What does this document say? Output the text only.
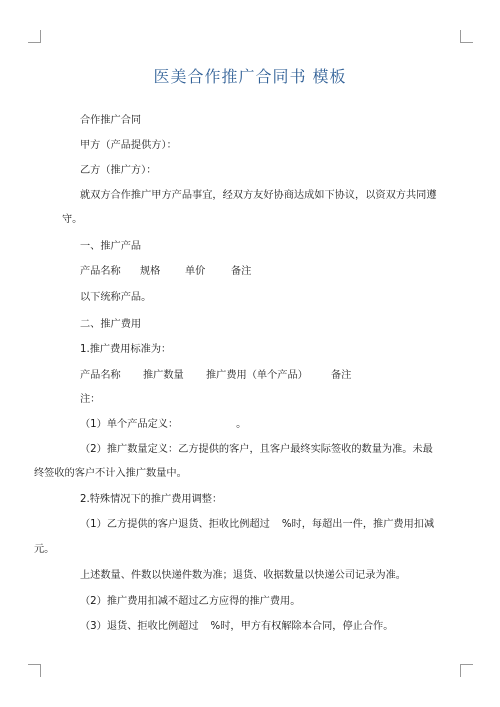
医美合作推广合同书 模板
合作推广合同
甲方（产品提供方）：
乙方（推广方）：
就双方合作推广甲方产品事宜，经双方友好协商达成如下协议，以资双方共同遵
守。
一、推广产品
产品名称 规格 单价	备注
以下统称产品。
二、推广费用
1.推广费用标准为：
产品名称 推广数量 推广费用（单个产品） 备注
注：
（1）单个产品定义：	。
（2）推广数量定义：乙方提供的客户，且客户最终实际签收的数量为准。未最
终签收的客户不计入推广数量中。
2.特殊情况下的推广费用调整：
（1）乙方提供的客户退货、拒收比例超过 %时，每超出一件，推广费用扣减
元。
上述数量、件数以快递件数为准；退货、收据数量以快递公司记录为准。
（2）推广费用扣减不超过乙方应得的推广费用。
（3）退货、拒收比例超过 %时，甲方有权解除本合同，停止合作。
